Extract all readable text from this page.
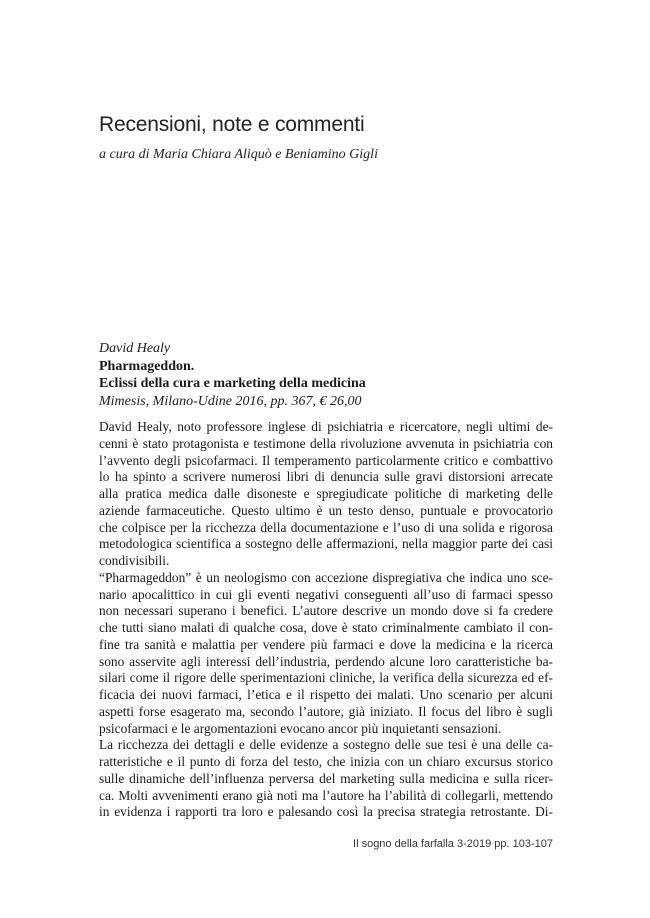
Recensioni, note e commenti

a cura di Maria Chiara Aliquò e Beniamino Gigli

David Healy
Pharmageddon.
Eclissi della cura e marketing della medicina
Mimesis, Milano-Udine 2016, pp. 367, € 26,00
David Healy, noto professore inglese di psichiatria e ricercatore, negli ultimi de-
cenni è stato protagonista e testimone della rivoluzione avvenuta in psichiatria con
l’avvento degli psicofarmaci. Il temperamento particolarmente critico e combattivo
lo ha spinto a scrivere numerosi libri di denuncia sulle gravi distorsioni arrecate
alla pratica medica dalle disoneste e spregiudicate politiche di marketing delle
aziende farmaceutiche. Questo ultimo è un testo denso, puntuale e provocatorio
che colpisce per la ricchezza della documentazione e l’uso di una solida e rigorosa
metodologica scientifica a sostegno delle affermazioni, nella maggior parte dei casi
condivisibili.
“Pharmageddon” è un neologismo con accezione dispregiativa che indica uno sce-
nario apocalittico in cui gli eventi negativi conseguenti all’uso di farmaci spesso
non necessari superano i benefici. L’autore descrive un mondo dove si fa credere
che tutti siano malati di qualche cosa, dove è stato criminalmente cambiato il con-
fine tra sanità e malattia per vendere più farmaci e dove la medicina e la ricerca
sono asservite agli interessi dell’industria, perdendo alcune loro caratteristiche ba-
silari come il rigore delle sperimentazioni cliniche, la verifica della sicurezza ed ef-
ficacia dei nuovi farmaci, l’etica e il rispetto dei malati. Uno scenario per alcuni
aspetti forse esagerato ma, secondo l’autore, già iniziato. Il focus del libro è sugli
psicofarmaci e le argomentazioni evocano ancor più inquietanti sensazioni.
La ricchezza dei dettagli e delle evidenze a sostegno delle sue tesi è una delle ca-
ratteristiche e il punto di forza del testo, che inizia con un chiaro excursus storico
sulle dinamiche dell’influenza perversa del marketing sulla medicina e sulla ricer-
ca. Molti avvenimenti erano già noti ma l’autore ha l’abilità di collegarli, mettendo
in evidenza i rapporti tra loro e palesando così la precisa strategia retrostante. Di-
Il sogno della farfalla 3-2019 pp. 103-107
